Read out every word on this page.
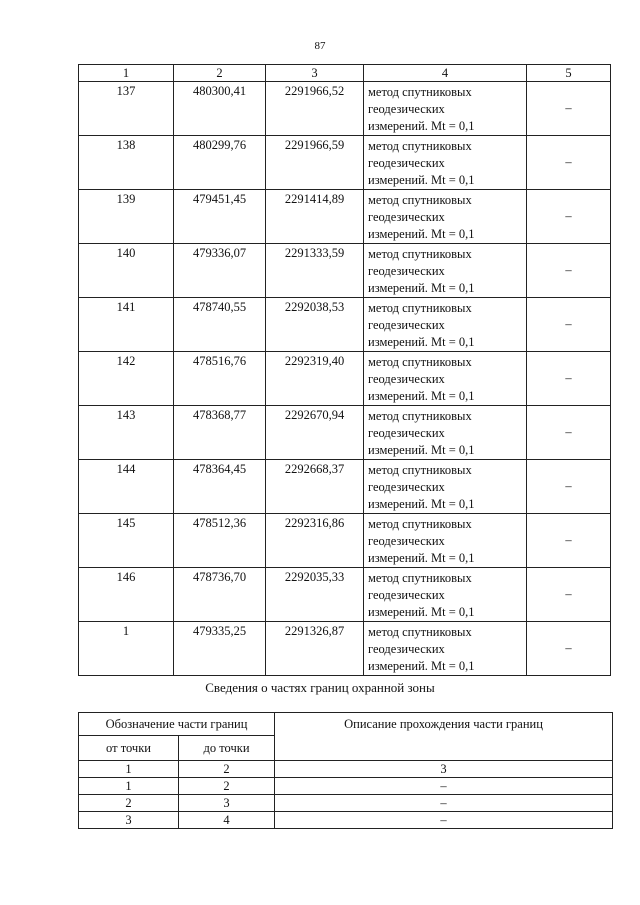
87
1	2	3	4	5
137	480300,41	2291966,52	метод спутниковых
геодезических
измерений. Mt = 0,1	–
138	480299,76	2291966,59	метод спутниковых
геодезических
измерений. Mt = 0,1	–
139	479451,45	2291414,89	метод спутниковых
геодезических
измерений. Mt = 0,1	–
140	479336,07	2291333,59	метод спутниковых
геодезических
измерений. Mt = 0,1	–
141	478740,55	2292038,53	метод спутниковых
геодезических
измерений. Mt = 0,1	–
142	478516,76	2292319,40	метод спутниковых
геодезических
измерений. Mt = 0,1	–
143	478368,77	2292670,94	метод спутниковых
геодезических
измерений. Mt = 0,1	–
144	478364,45	2292668,37	метод спутниковых
геодезических
измерений. Mt = 0,1	–
145	478512,36	2292316,86	метод спутниковых
геодезических
измерений. Mt = 0,1	–
146	478736,70	2292035,33	метод спутниковых
геодезических
измерений. Mt = 0,1	–
1	479335,25	2291326,87	метод спутниковых
геодезических
измерений. Mt = 0,1	–
Сведения о частях границ охранной зоны
Обозначение части границ		Описание прохождения части границ
от точки	до точки	
1	2	3
1	2	–
2	3	–
3	4	–
